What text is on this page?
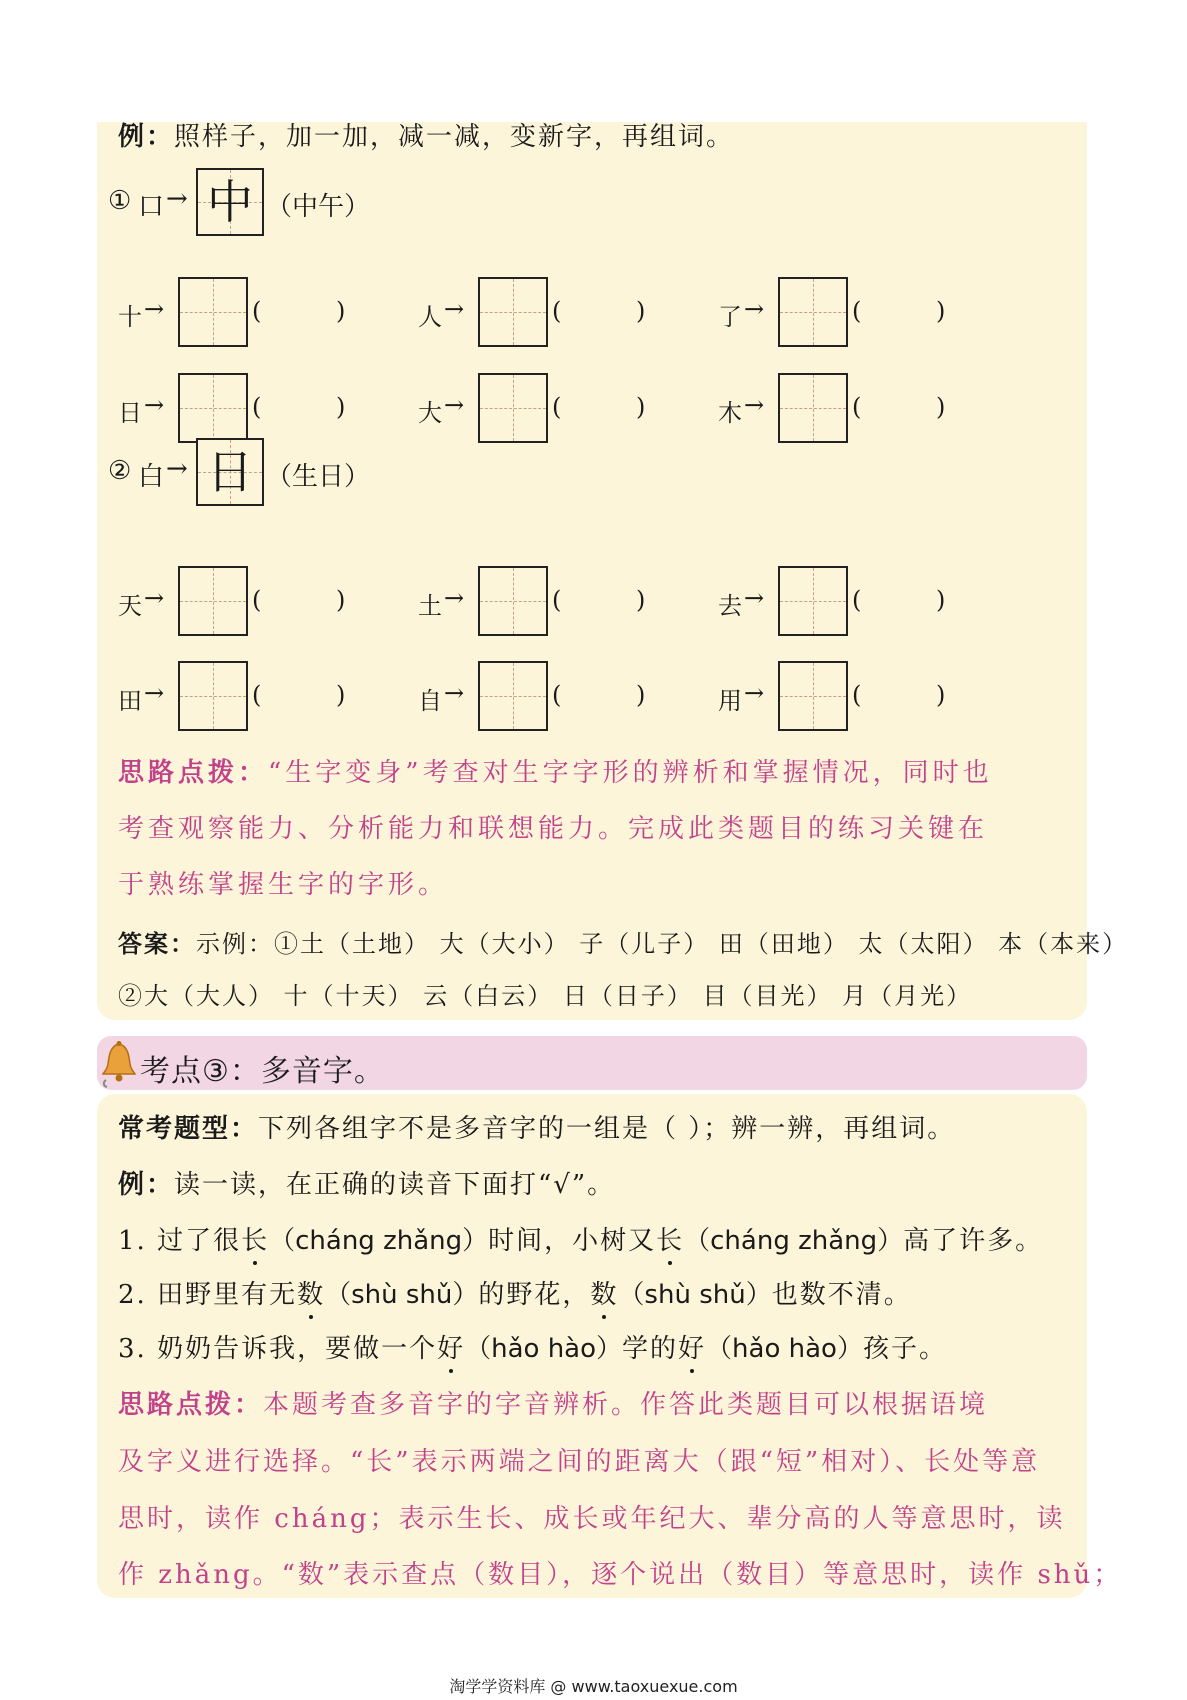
例：照样子，加一加，减一减，变新字，再组词。
① 口 → 中 （中午）
十 →	(	)	人 →	(	)	了 →	(	)
日 →	(	)	大 →	(	)	木 →	(	)
② 白 → 日 （生日）
天 →	(	)	土 →	(	)	去 →	(	)
田 →	(	)	自 →	(	)	用 →	(	)
思路点拨：“生字变身”考查对生字字形的辨析和掌握情况，同时也
考查观察能力、分析能力和联想能力。完成此类题目的练习关键在
于熟练掌握生字的字形。
答案：示例：①土（土地） 大（大小） 子（儿子） 田（田地） 太（太阳） 本（本来）
②大（大人） 十（十天） 云（白云） 日（日子） 目（目光） 月（月光）
考点③：多音字。
常考题型：下列各组字不是多音字的一组是（ ）；辨一辨，再组词。
例：读一读，在正确的读音下面打“√”。
1. 过了很长（cháng zhǎng）时间，小树又长（cháng zhǎng）高了许多。
2. 田野里有无数（shù shǔ）的野花，数（shù shǔ）也数不清。
3. 奶奶告诉我，要做一个好（hǎo hào）学的好（hǎo hào）孩子。
思路点拨：本题考查多音字的字音辨析。作答此类题目可以根据语境
及字义进行选择。“长”表示两端之间的距离大（跟“短”相对）、长处等意
思时，读作 cháng；表示生长、成长或年纪大、辈分高的人等意思时，读
作 zhǎng。“数”表示查点（数目），逐个说出（数目）等意思时，读作 shǔ；
淘学学资料库 @ www.taoxuexue.com
